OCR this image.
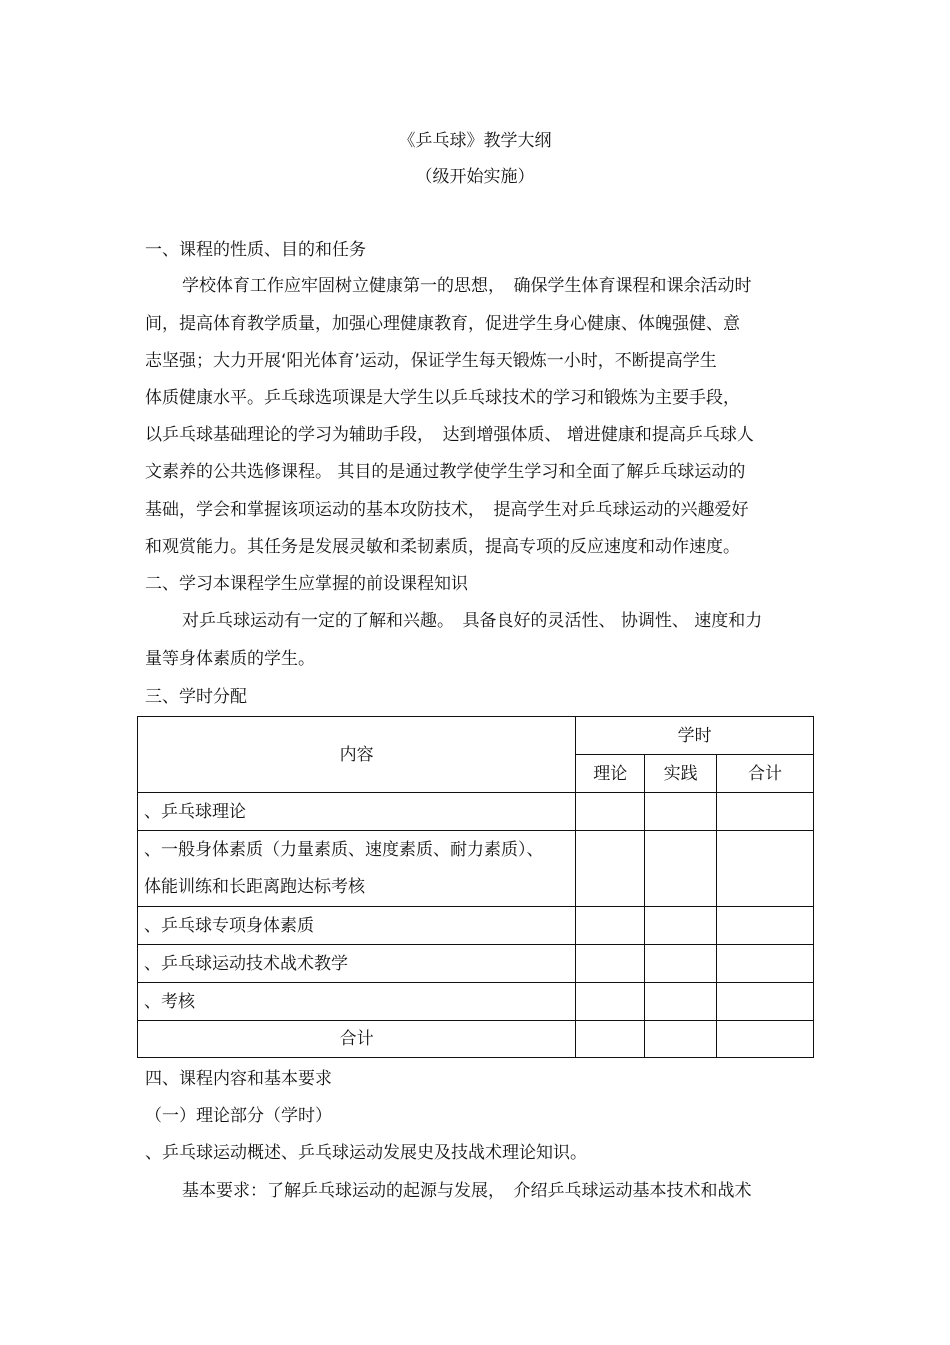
《乒乓球》教学大纲
（级开始实施）
一、课程的性质、目的和任务
学校体育工作应牢固树立健康第一的思想，　确保学生体育课程和课余活动时
间，提高体育教学质量，加强心理健康教育，促进学生身心健康、体魄强健、意
志坚强；大力开展‘阳光体育’运动，保证学生每天锻炼一小时，不断提高学生
体质健康水平。乒乓球选项课是大学生以乒乓球技术的学习和锻炼为主要手段，
以乒乓球基础理论的学习为辅助手段，　达到增强体质、 增进健康和提高乒乓球人
文素养的公共选修课程。 其目的是通过教学使学生学习和全面了解乒乓球运动的
基础，学会和掌握该项运动的基本攻防技术，　提高学生对乒乓球运动的兴趣爱好
和观赏能力。其任务是发展灵敏和柔韧素质，提高专项的反应速度和动作速度。
二、学习本课程学生应掌握的前设课程知识
对乒乓球运动有一定的了解和兴趣。　具备良好的灵活性、 协调性、 速度和力
量等身体素质的学生。
三、学时分配
内容	学时		
	理论	实践	合计
、乒乓球理论			

、一般身体素质（力量素质、速度素质、耐力素质）、
体能训练和长距离跑达标考核			

、乒乓球专项身体素质			
、乒乓球运动技术战术教学			
、考核			
合计			
四、课程内容和基本要求
（一）理论部分（学时）
、乒乓球运动概述、乒乓球运动发展史及技战术理论知识。
基本要求：了解乒乓球运动的起源与发展，　介绍乒乓球运动基本技术和战术
